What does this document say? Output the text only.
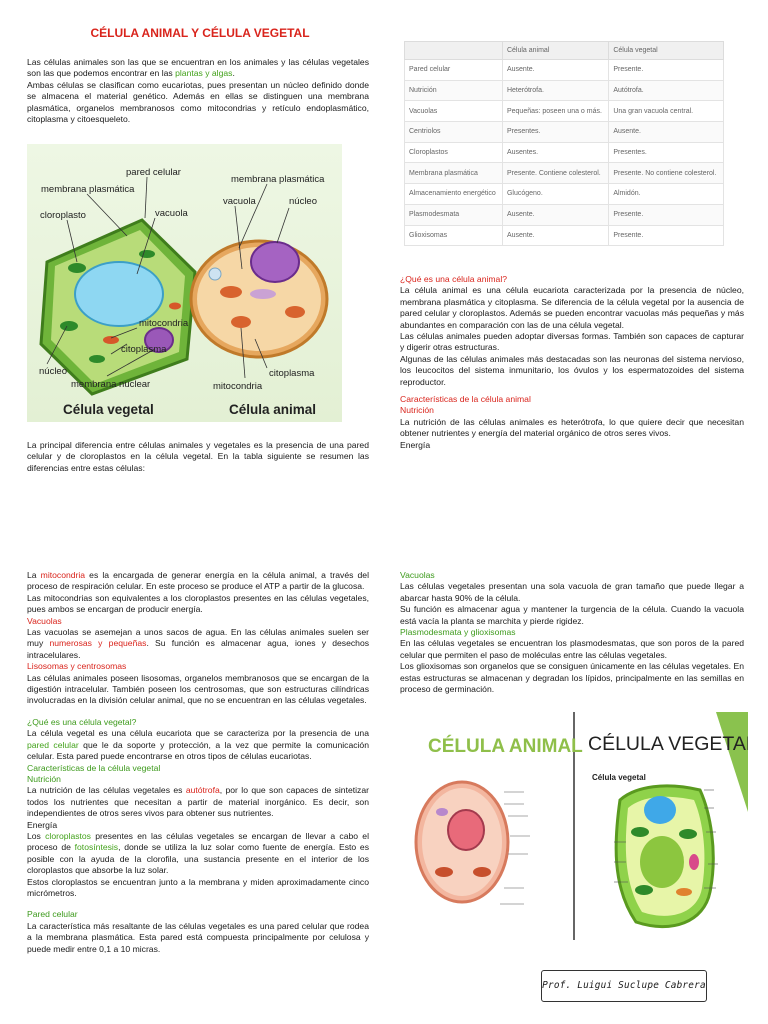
CÉLULA ANIMAL Y CÉLULA VEGETAL

Las células animales son las que se encuentran en los animales y las células vegetales son las que podemos encontrar en las plantas y algas.

Ambas células se clasifican como eucariotas, pues presentan un núcleo definido donde se almacena el material genético. Además en ellas se distinguen una membrana plasmática, organelos membranosos como mitocondrias y retículo endoplasmático, citoplasma y citoesqueleto.

	Célula animal	Célula vegetal
Pared celular	Ausente.	Presente.
Nutrición	Heterótrofa.	Autótrofa.
Vacuolas	Pequeñas: poseen una o más.	Una gran vacuola central.
Centriolos	Presentes.	Ausente.
Cloroplastos	Ausentes.	Presentes.
Membrana plasmática	Presente. Contiene colesterol.	Presente. No contiene colesterol.
Almacenamiento energético	Glucógeno.	Almidón.
Plasmodesmata	Ausente.	Presente.
Glioxisomas	Ausente.	Presente.
pared celular
membrana plasmática
cloroplasto	vacuola
mitocondria
citoplasma
núcleo
membrana nuclear
membrana plasmática
vacuola	núcleo
citoplasma
mitocondria
Célula vegetal	Célula animal
La principal diferencia entre células animales y vegetales es la presencia de una pared celular y de cloroplastos en la célula vegetal. En la tabla siguiente se resumen las diferencias entre estas células:
¿Qué es una célula animal?
La célula animal es una célula eucariota caracterizada por la presencia de núcleo, membrana plasmática y citoplasma. Se diferencia de la célula vegetal por la ausencia de pared celular y cloroplastos. Además se pueden encontrar vacuolas más pequeñas y más abundantes en comparación con las de una célula vegetal.
Las células animales pueden adoptar diversas formas. También son capaces de capturar y digerir otras estructuras.
Algunas de las células animales más destacadas son las neuronas del sistema nervioso, los leucocitos del sistema inmunitario, los óvulos y los espermatozoides del sistema reproductor.
Características de la célula animal
Nutrición
La nutrición de las células animales es heterótrofa, lo que quiere decir que necesitan obtener nutrientes y energía del material orgánico de otros seres vivos.
Energía
La mitocondria es la encargada de generar energía en la célula animal, a través del proceso de respiración celular. En este proceso se produce el ATP a partir de la glucosa.
Las mitocondrias son equivalentes a los cloroplastos presentes en las células vegetales, pues ambos se encargan de producir energía.
Vacuolas
Las vacuolas se asemejan a unos sacos de agua. En las células animales suelen ser muy numerosas y pequeñas. Su función es almacenar agua, iones y desechos intracelulares.
Lisosomas y centrosomas
Las células animales poseen lisosomas, organelos membranosos que se encargan de la digestión intracelular. También poseen los centrosomas, que son estructuras cilíndricas involucradas en la división celular animal, que no se encuentran en las células vegetales.
¿Qué es una célula vegetal?
La célula vegetal es una célula eucariota que se caracteriza por la presencia de una pared celular que le da soporte y protección, a la vez que permite la comunicación celular. Esta pared puede encontrarse en otros tipos de células eucariotas.
Características de la célula vegetal
Nutrición
La nutrición de las células vegetales es autótrofa, por lo que son capaces de sintetizar todos los nutrientes que necesitan a partir de material inorgánico. Es decir, son independientes de otros seres vivos para obtener sus nutrientes.
Energía
Los cloroplastos presentes en las células vegetales se encargan de llevar a cabo el proceso de fotosíntesis, donde se utiliza la luz solar como fuente de energía. Esto es posible con la ayuda de la clorofila, una sustancia presente en el interior de los cloroplastos que absorbe la luz solar.
Estos cloroplastos se encuentran junto a la membrana y miden aproximadamente cinco micrómetros.
Pared celular
La característica más resaltante de las células vegetales es una pared celular que rodea a la membrana plasmática. Esta pared está compuesta principalmente por celulosa y puede medir entre 0,1 a 10 micras.
Vacuolas
Las células vegetales presentan una sola vacuola de gran tamaño que puede llegar a abarcar hasta 90% de la célula.
Su función es almacenar agua y mantener la turgencia de la célula. Cuando la vacuola está vacía la planta se marchita y pierde rigidez.
Plasmodesmata y glioxisomas
En las células vegetales se encuentran los plasmodesmatas, que son poros de la pared celular que permiten el paso de moléculas entre las células vegetales.
Los glioxisomas son organelos que se consiguen únicamente en las células vegetales. En estas estructuras se almacenan y degradan los lípidos, principalmente en las semillas en proceso de germinación.
CÉLULA ANIMAL CÉLULA VEGETAL
Célula vegetal
Prof. Luigui Suclupe Cabrera
